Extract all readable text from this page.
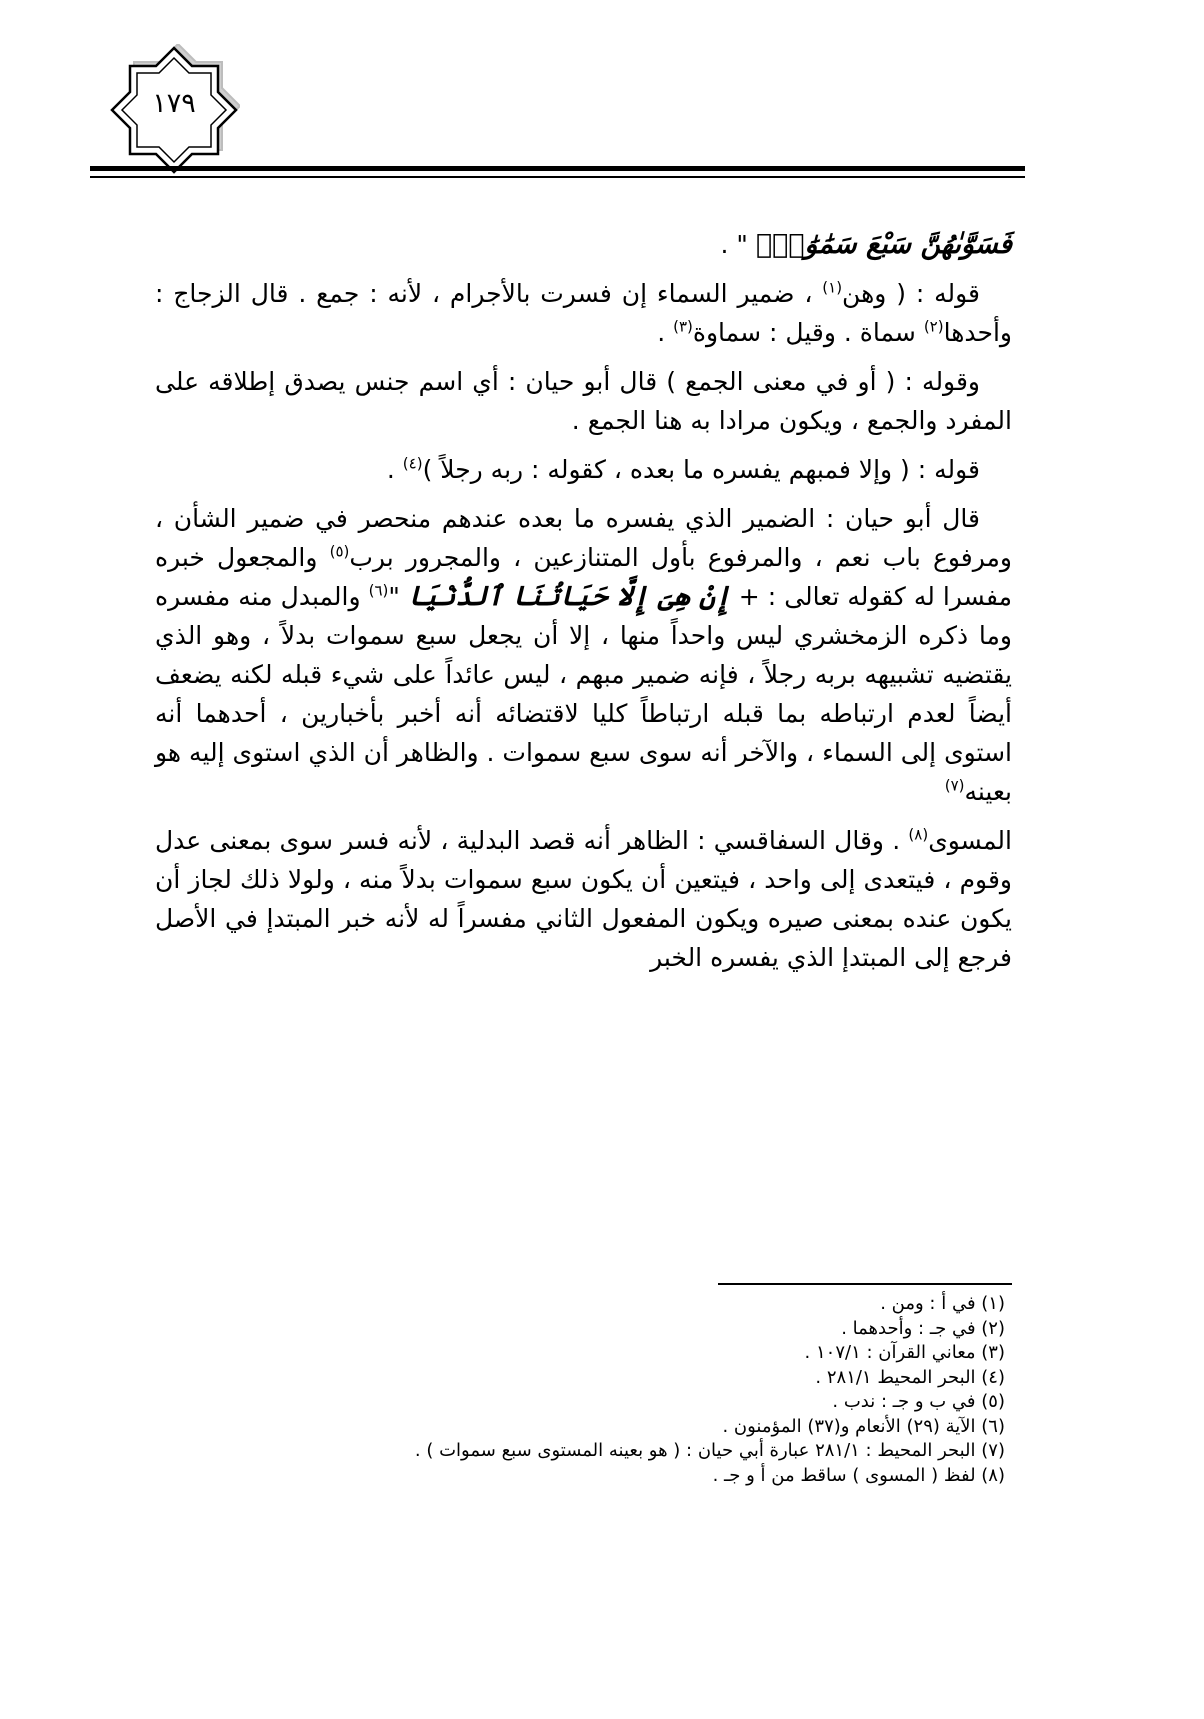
١٧٩

فَسَوَّىٰهُنَّ سَبْعَ سَمَٰوَٰتٍۚ " .

قوله : ( وهن$^{(١)}$ ، ضمير السماء إن فسرت بالأجرام ، لأنه : جمع . قال الزجاج : وأحدها$^{(٢)}$ سماة . وقيل : سماوة$^{(٣)}$ .

وقوله : ( أو في معنى الجمع ) قال أبو حيان : أي اسم جنس يصدق إطلاقه على المفرد والجمع ، ويكون مرادا به هنا الجمع .

قوله : ( وإلا فمبهم يفسره ما بعده ، كقوله : ربه رجلاً )$^{(٤)}$ .

قال أبو حيان : الضمير الذي يفسره ما بعده عندهم منحصر في ضمير الشأن ، ومرفوع باب نعم ، والمرفوع بأول المتنازعين ، والمجرور برب$^{(٥)}$ والمجعول خبره مفسرا له كقوله تعالى : + إِنْ هِىَ إِلَّا حَيَاتُنَا ٱلدُّنْيَا "$^{(٦)}$ والمبدل منه مفسره وما ذكره الزمخشري ليس واحداً منها ، إلا أن يجعل سبع سموات بدلاً ، وهو الذي يقتضيه تشبيهه بربه رجلاً ، فإنه ضمير مبهم ، ليس عائداً على شيء قبله لكنه يضعف أيضاً لعدم ارتباطه بما قبله ارتباطاً كليا لاقتضائه أنه أخبر بأخبارين ، أحدهما أنه استوى إلى السماء ، والآخر أنه سوى سبع سموات . والظاهر أن الذي استوى إليه هو بعينه$^{(٧)}$

المسوى$^{(٨)}$ . وقال السفاقسي : الظاهر أنه قصد البدلية ، لأنه فسر سوى بمعنى عدل وقوم ، فيتعدى إلى واحد ، فيتعين أن يكون سبع سموات بدلاً منه ، ولولا ذلك لجاز أن يكون عنده بمعنى صيره ويكون المفعول الثاني مفسراً له لأنه خبر المبتدإ في الأصل فرجع إلى المبتدإ الذي يفسره الخبر

(١) في أ : ومن .

(٢) في جـ : وأحدهما .

(٣) معاني القرآن : ١٠٧/١ .

(٤) البحر المحيط ٢٨١/١ .

(٥) في ب و جـ : ندب .

(٦) الآية (٢٩) الأنعام و(٣٧) المؤمنون .

(٧) البحر المحيط : ٢٨١/١ عبارة أبي حيان : ( هو بعينه المستوى سبع سموات ) .

(٨) لفظ ( المسوى ) ساقط من أ و جـ .
